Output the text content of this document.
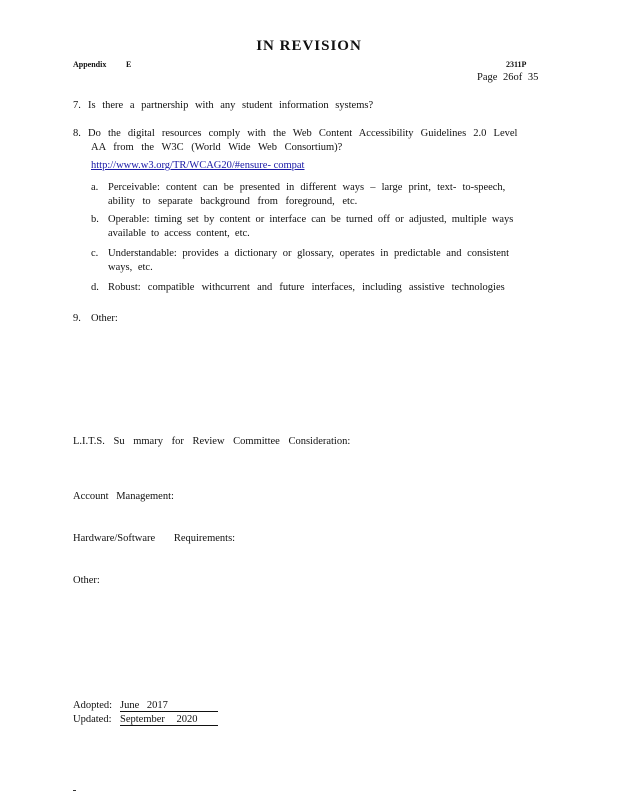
IN REVISION
Appendix E	2311P
Page 26of 35
7. Is there a partnership with any student information systems?
8. Do the digital resources comply with the Web Content Accessibility Guidelines 2.0 Level
AA from the W3C (World Wide Web Consortium)?
http://www.w3.org/TR/WCAG20/#ensure- compat
a. Perceivable: content can be presented in different ways – large print, text- to-speech,
ability to separate background from foreground, etc.
b. Operable: timing set by content or interface can be turned off or adjusted, multiple ways
available to access content, etc.
c. Understandable: provides a dictionary or glossary, operates in predictable and consistent
ways, etc.
d. Robust: compatible withcurrent and future interfaces, including assistive technologies
9. Other:
L.I.T.S. Su mmary for Review Committee Consideration:
Account Management:
Hardware/Software Requirements:
Other:
Adopted: June 2017
Updated: September 2020
